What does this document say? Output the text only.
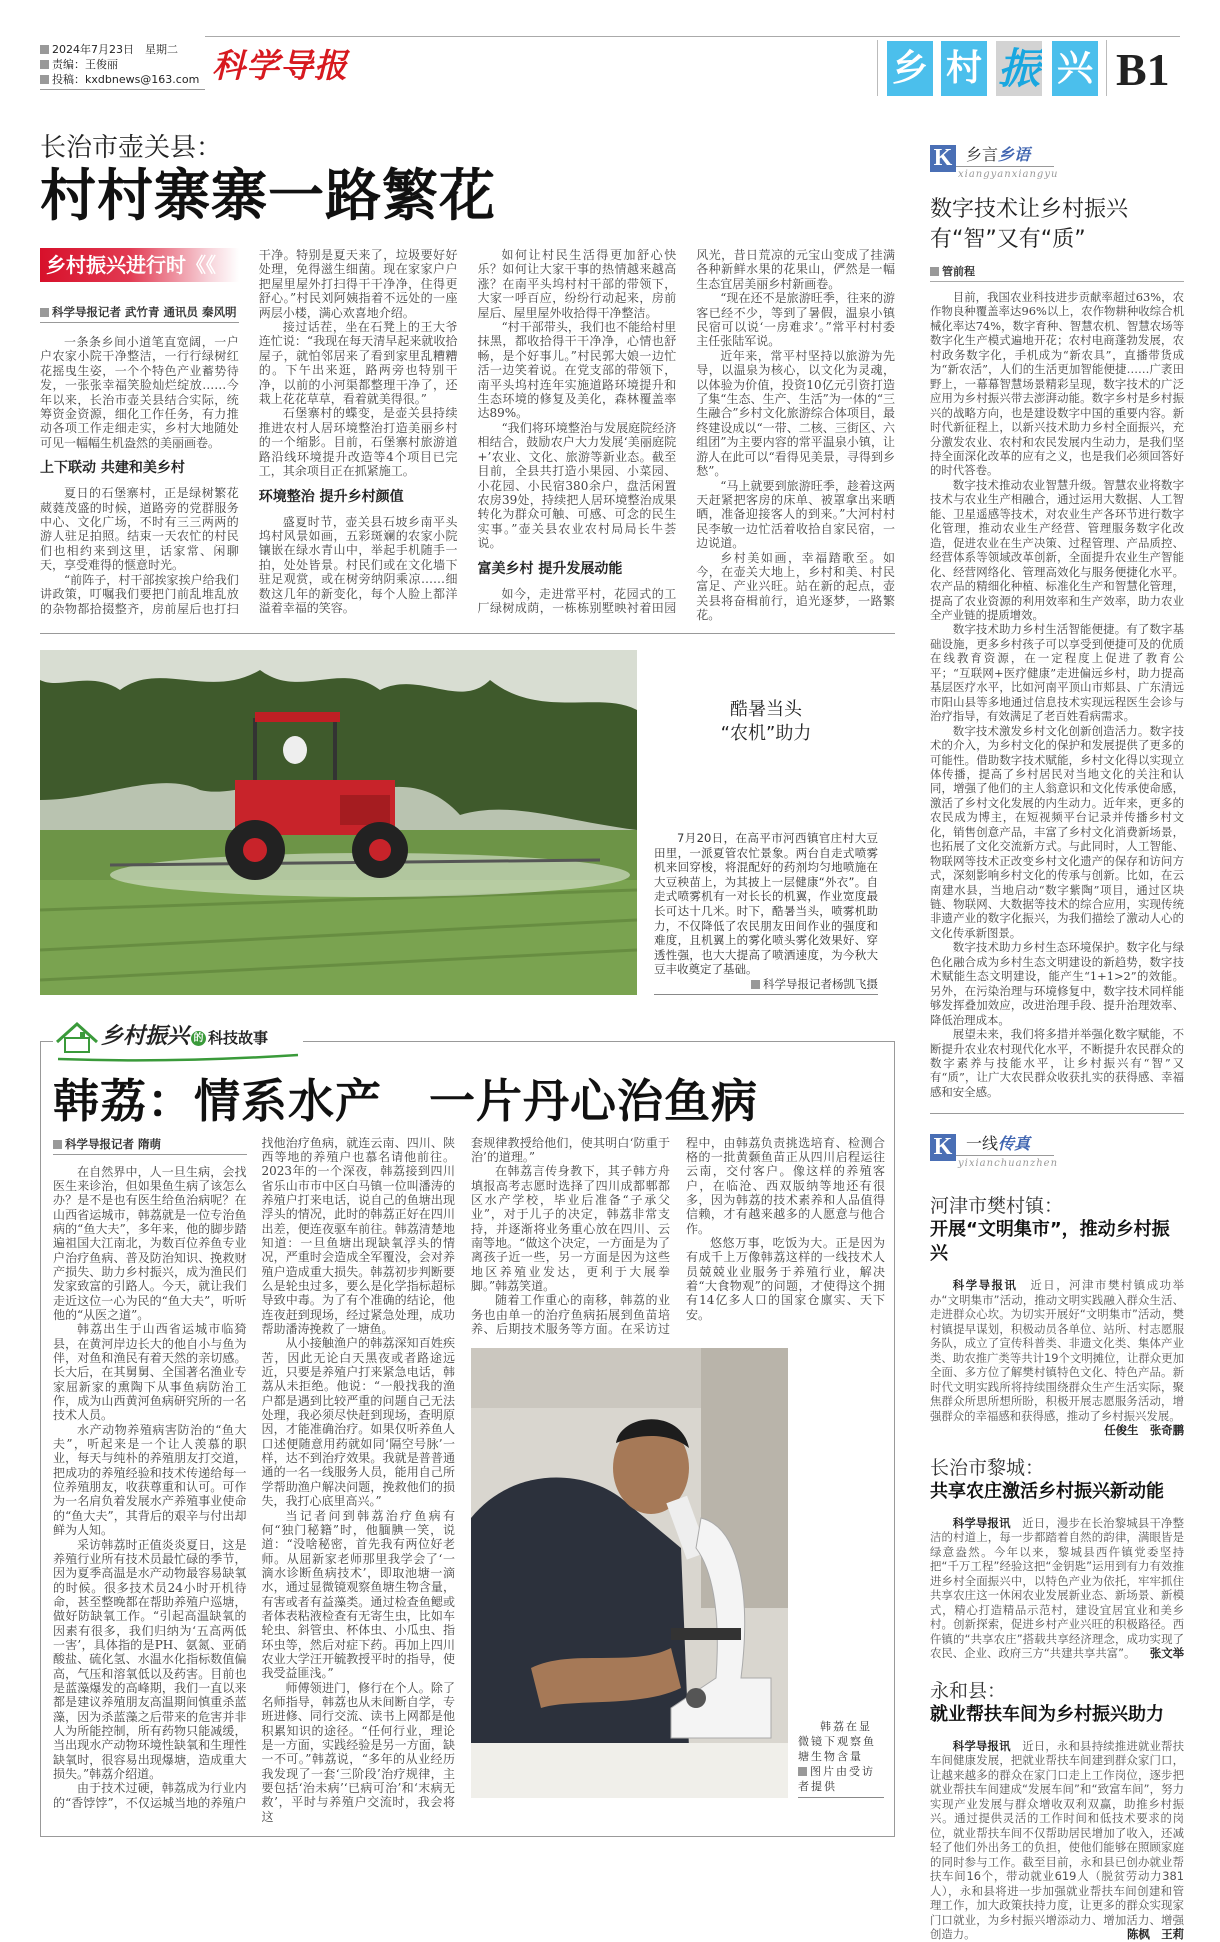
2024年7月23日　星期二
责编：王俊丽
投稿：kxdbnews@163.com 科学导报	乡 村 振 兴 B1
长治市壶关县：
村村寨寨一路繁花
乡村振兴进行时《《
科学导报记者 武竹青 通讯员 秦风明

一条条乡间小道笔直宽阔，一户户农家小院干净整洁，一行行绿树红花摇曳生姿，一个个特色产业蓄势待发，一张张幸福笑脸灿烂绽放……今年以来，长治市壶关县结合实际，统筹资金资源，细化工作任务，有力推动各项工作走细走实，乡村大地随处可见一幅幅生机盎然的美丽画卷。

上下联动 共建和美乡村

夏日的石堡寨村，正是绿树繁花葳蕤茂盛的时候，道路旁的党群服务中心、文化广场，不时有三三两两的游人驻足拍照。结束一天农忙的村民们也相约来到这里，话家常、闲聊天，享受难得的惬意时光。

“前阵子，村干部挨家挨户给我们讲政策，叮嘱我们要把门前乱堆乱放的杂物都拾掇整齐，房前屋后也打扫干净。特别是夏天来了，垃圾要好好处理，免得滋生细菌。现在家家户户把屋里屋外打扫得干干净净，住得更舒心。”村民刘阿姨指着不远处的一座两层小楼，满心欢喜地介绍。

接过话茬，坐在石凳上的王大爷连忙说：“我现在每天清早起来就收拾屋子，就怕邻居来了看到家里乱糟糟的。下午出来逛，路两旁也特别干净，以前的小河渠都整理干净了，还栽上花花草草，看着就美得很。”

石堡寨村的蝶变，是壶关县持续推进农村人居环境整治打造美丽乡村的一个缩影。目前，石堡寨村旅游道路沿线环境提升改造等4个项目已完工，其余项目正在抓紧施工。

环境整治 提升乡村颜值

盛夏时节，壶关县石坡乡南平头坞村风景如画，五彩斑斓的农家小院镶嵌在绿水青山中，举起手机随手一拍，处处皆景。村民们或在文化墙下驻足观赏，或在树旁纳阴乘凉……细数这几年的新变化，每个人脸上都洋溢着幸福的笑容。

如何让村民生活得更加舒心快乐？如何让大家干事的热情越来越高涨？在南平头坞村村干部的带领下，大家一呼百应，纷纷行动起来，房前屋后、屋里屋外收拾得干净整洁。

“村干部带头，我们也不能给村里抹黑，都收拾得干干净净，心情也舒畅，是个好事儿。”村民郭大娘一边忙活一边笑着说。在党支部的带领下，南平头坞村连年实施道路环境提升和生态环境的修复及美化，森林覆盖率达89%。

“我们将环境整治与发展庭院经济相结合，鼓励农户大力发展‘美丽庭院+’农业、文化、旅游等新业态。截至目前，全县共打造小果园、小菜园、小花园、小民宿380余户，盘活闲置农房39处，持续把人居环境整治成果转化为群众可触、可感、可念的民生实事。”壶关县农业农村局局长牛荟说。

富美乡村 提升发展动能

如今，走进常平村，花园式的工厂绿树成荫，一栋栋别墅映衬着田园风光，昔日荒凉的元宝山变成了挂满各种新鲜水果的花果山，俨然是一幅生态宜居美丽乡村新画卷。

“现在还不是旅游旺季，往来的游客已经不少，等到了暑假，温泉小镇民宿可以说‘一房难求’。”常平村村委主任张陆军说。

近年来，常平村坚持以旅游为先导，以温泉为核心，以文化为灵魂，以体验为价值，投资10亿元引资打造了集“生态、生产、生活”为一体的“三生融合”乡村文化旅游综合体项目，最终建设成以“一带、二核、三街区、六组团”为主要内容的常平温泉小镇，让游人在此可以“看得见美景，寻得到乡愁”。

“马上就要到旅游旺季，趁着这两天赶紧把客房的床单、被罩拿出来晒晒，准备迎接客人的到来。”大河村村民李敏一边忙活着收拾自家民宿，一边说道。

乡村美如画，幸福踏歌至。如今，在壶关大地上，乡村和美、村民富足、产业兴旺。站在新的起点，壶关县将奋楫前行，追光逐梦，一路繁花。

酷暑当头
“农机”助力
7月20日，在高平市河西镇官庄村大豆田里，一派夏管农忙景象。两台自走式喷雾机来回穿梭，将混配好的药剂均匀地喷施在大豆秧苗上，为其披上一层健康“外衣”。自走式喷雾机有一对长长的机翼，作业宽度最长可达十几米。时下，酷暑当头，喷雾机助力，不仅降低了农民朋友田间作业的强度和难度，且机翼上的雾化喷头雾化效果好、穿透性强，也大大提高了喷洒速度，为今秋大豆丰收奠定了基础。
科学导报记者杨凯飞摄
乡村振兴 的 科技故事
韩荔：情系水产　一片丹心治鱼病
科学导报记者 隋萌

在自然界中，人一旦生病，会找医生来诊治，但如果鱼生病了该怎么办？是不是也有医生给鱼治病呢？在山西省运城市，韩荔就是一位专治鱼病的“鱼大夫”，多年来，他的脚步踏遍祖国大江南北，为数百位养鱼专业户治疗鱼病、普及防治知识、挽救财产损失、助力乡村振兴，成为渔民们发家致富的引路人。今天，就让我们走近这位一心为民的“鱼大夫”，听听他的“从医之道”。

韩荔出生于山西省运城市临猗县，在黄河岸边长大的他自小与鱼为伴，对鱼和渔民有着天然的亲切感。长大后，在其舅舅、全国著名渔业专家屈新家的熏陶下从事鱼病防治工作，成为山西黄河鱼病研究所的一名技术人员。

水产动物养殖病害防治的“鱼大夫”，听起来是一个让人羡慕的职业，每天与纯朴的养殖朋友打交道，把成功的养殖经验和技术传递给每一位养殖朋友，收获尊重和认可。可作为一名肩负着发展水产养殖事业使命的“鱼大夫”，其背后的艰辛与付出却鲜为人知。

采访韩荔时正值炎炎夏日，这是养殖行业所有技术员最忙碌的季节，因为夏季高温是水产动物最容易缺氧的时候。很多技术员24小时开机待命，甚至整晚都在帮助养殖户巡塘，做好防缺氧工作。“引起高温缺氧的因素有很多，我们归纳为‘五高两低一害’，具体指的是PH、氨氮、亚硝酸盐、硫化氢、水温水化指标数值偏高，气压和溶氧低以及药害。目前也是蓝藻爆发的高峰期，我们一直以来都是建议养殖朋友高温期间慎重杀蓝藻，因为杀蓝藻之后带来的危害并非人为所能控制，所有药物只能减缓，当出现水产动物环境性缺氧和生理性缺氧时，很容易出现爆塘，造成重大损失。”韩荔介绍道。

由于技术过硬，韩荔成为行业内的“香饽饽”，不仅运城当地的养殖户找他治疗鱼病，就连云南、四川、陕西等地的养殖户也慕名请他前往。2023年的一个深夜，韩荔接到四川省乐山市市中区白马镇一位叫潘涛的养殖户打来电话，说自己的鱼塘出现浮头的情况，此时的韩荔正好在四川出差，便连夜驱车前往。韩荔清楚地知道：一旦鱼塘出现缺氧浮头的情况，严重时会造成全军覆没，会对养殖户造成重大损失。韩荔初步判断要么是轮虫过多，要么是化学指标超标导致中毒。为了有个准确的结论，他连夜赶到现场，经过紧急处理，成功帮助潘涛挽救了一塘鱼。

从小接触渔户的韩荔深知百姓疾苦，因此无论白天黑夜或者路途远近，只要是养殖户打来紧急电话，韩荔从未拒绝。他说：“一般找我的渔户都是遇到比较严重的问题自己无法处理，我必须尽快赶到现场，查明原因，才能准确治疗。如果仅听养鱼人口述便随意用药就如同‘隔空号脉’一样，达不到治疗效果。我就是普普通通的一名一线服务人员，能用自己所学帮助渔户解决问题，挽救他们的损失，我打心底里高兴。”

当记者问到韩荔治疗鱼病有何“独门秘籍”时，他腼腆一笑，说道：“没啥秘密，首先我有两位好老师。从屈新家老师那里我学会了‘一滴水诊断鱼病技术’，即取池塘一滴水，通过显微镜观察鱼塘生物含量，有害或者有益藻类。通过检查鱼鳃或者体表粘液检查有无寄生虫，比如车轮虫、斜管虫、杯体虫、小瓜虫、指环虫等，然后对症下药。再加上四川农业大学汪开毓教授平时的指导，使我受益匪浅。”

师傅领进门，修行在个人。除了名师指导，韩荔也从未间断自学，专班进修、同行交流、读书上网都是他积累知识的途径。“任何行业，理论是一方面，实践经验是另一方面，缺一不可。”韩荔说，“多年的从业经历我发现了一套‘三阶段’治疗规律，主要包括‘治未病’‘已病可治’和‘末病无救’，平时与养殖户交流时，我会将这

套规律教授给他们，使其明白‘防重于治’的道理。”

在韩荔言传身教下，其子韩方舟填报高考志愿时选择了四川成都郫都区水产学校，毕业后准备“子承父业”，对于儿子的决定，韩荔非常支持，并逐渐将业务重心放在四川、云南等地。“做这个决定，一方面是为了离孩子近一些，另一方面是因为这些地区养殖业发达，更利于大展拳脚。”韩荔笑道。

随着工作重心的南移，韩荔的业务也由单一的治疗鱼病拓展到鱼苗培养、后期技术服务等方面。在采访过程中，由韩荔负责挑选培育、检测合格的一批黄颡鱼苗正从四川启程运往云南，交付客户。像这样的养殖客户，在临沧、西双版纳等地还有很多，因为韩荔的技术素养和人品值得信赖，才有越来越多的人愿意与他合作。

悠悠万事，吃饭为大。正是因为有成千上万像韩荔这样的一线技术人员兢兢业业服务于养殖行业，解决着“大食物观”的问题，才使得这个拥有14亿多人口的国家仓廪实、天下安。

韩荔在显微镜下观察鱼塘生物含量
图片由受访者提供
K 乡言乡语
xiangyanxiangyu
数字技术让乡村振兴
有“智”又有“质”
管前程

目前，我国农业科技进步贡献率超过63%，农作物良种覆盖率达96%以上，农作物耕种收综合机械化率达74%，数字育种、智慧农机、智慧农场等数字化生产模式遍地开花；农村电商蓬勃发展，农村政务数字化，手机成为“新农具”，直播带货成为“新农活”，人们的生活更加智能便捷……广袤田野上，一幕幕智慧场景精彩呈现，数字技术的广泛应用为乡村振兴带去澎湃动能。数字乡村是乡村振兴的战略方向，也是建设数字中国的重要内容。新时代新征程上，以新兴技术助力乡村全面振兴，充分激发农业、农村和农民发展内生动力，是我们坚持全面深化改革的应有之义，也是我们必须回答好的时代答卷。

数字技术推动农业智慧升级。智慧农业将数字技术与农业生产相融合，通过运用大数据、人工智能、卫星遥感等技术，对农业生产各环节进行数字化管理，推动农业生产经营、管理服务数字化改造，促进农业在生产决策、过程管理、产品质控、经营体系等领域改革创新，全面提升农业生产智能化、经营网络化、管理高效化与服务便捷化水平。农产品的精细化种植、标准化生产和智慧化管理，提高了农业资源的利用效率和生产效率，助力农业全产业链的提质增效。

数字技术助力乡村生活智能便捷。有了数字基础设施，更多乡村孩子可以享受到便捷可及的优质在线教育资源，在一定程度上促进了教育公平；“互联网+医疗健康”走进偏远乡村，助力提高基层医疗水平，比如河南平顶山市郏县、广东清远市阳山县等多地通过信息技术实现远程医生会诊与治疗指导，有效满足了老百姓看病需求。

数字技术激发乡村文化创新创造活力。数字技术的介入，为乡村文化的保护和发展提供了更多的可能性。借助数字技术赋能，乡村文化得以实现立体传播，提高了乡村居民对当地文化的关注和认同，增强了他们的主人翁意识和文化传承使命感，激活了乡村文化发展的内生动力。近年来，更多的农民成为博主，在短视频平台记录并传播乡村文化，销售创意产品，丰富了乡村文化消费新场景，也拓展了文化交流新方式。与此同时，人工智能、物联网等技术正改变乡村文化遗产的保存和访问方式，深刻影响乡村文化的传承与创新。比如，在云南建水县，当地启动“数字紫陶”项目，通过区块链、物联网、大数据等技术的综合应用，实现传统非遗产业的数字化振兴，为我们描绘了激动人心的文化传承新图景。

数字技术助力乡村生态环境保护。数字化与绿色化融合成为乡村生态文明建设的新趋势，数字技术赋能生态文明建设，能产生“1+1>2”的效能。另外，在污染治理与环境修复中，数字技术同样能够发挥叠加效应，改进治理手段、提升治理效率、降低治理成本。

展望未来，我们将多措并举强化数字赋能，不断提升农业农村现代化水平，不断提升农民群众的数字素养与技能水平，让乡村振兴有“智”又有“质”，让广大农民群众收获扎实的获得感、幸福感和安全感。

K 一线传真
yixianchuanzhen
河津市樊村镇：
开展“文明集市”，推动乡村振兴
科学导报讯　 近日，河津市樊村镇成功举办“文明集市”活动，推动文明实践融入群众生活、走进群众心坎。为切实开展好“文明集市”活动，樊村镇提早谋划，积极动员各单位、站所、村志愿服务队，成立了宣传科普类、非遗文化类、集体产业类、助农推广类等共计19个文明摊位，让群众更加全面、多方位了解樊村镇特色文化、特色产品。新时代文明实践所将持续围绕群众生产生活实际，聚焦群众所思所想所盼，积极开展志愿服务活动，增强群众的幸福感和获得感，推动了乡村振兴发展。
任俊生　张奇鹏
长治市黎城：
共享农庄激活乡村振兴新动能
科学导报讯　 近日，漫步在长治黎城县干净整洁的村道上，每一步都踏着自然的韵律，满眼皆是绿意盎然。今年以来，黎城县西仵镇党委坚持把“千万工程”经验这把“金钥匙”运用到有力有效推进乡村全面振兴中，以特色产业为依托，牢牢抓住共享农庄这一休闲农业发展新业态、新场景、新模式，精心打造精品示范村，建设宜居宜业和美乡村。创新探索，促进乡村产业兴旺的积极路径。西仵镇的“共享农庄”搭载共享经济理念，成功实现了农民、企业、政府三方“共建共享共富”。 张文举
永和县：
就业帮扶车间为乡村振兴助力
科学导报讯　 近日，永和县持续推进就业帮扶车间健康发展，把就业帮扶车间建到群众家门口，让越来越多的群众在家门口走上工作岗位，逐步把就业帮扶车间建成“发展车间”和“致富车间”，努力实现产业发展与群众增收双利双赢，助推乡村振兴。通过提供灵活的工作时间和低技术要求的岗位，就业帮扶车间不仅帮助居民增加了收入，还减轻了他们外出务工的负担，使他们能够在照顾家庭的同时参与工作。截至目前，永和县已创办就业帮扶车间16个，带动就业619人（脱贫劳动力381人），永和县将进一步加强就业帮扶车间创建和管理工作，加大政策扶持力度，让更多的群众实现家门口就业，为乡村振兴增添动力、增加活力、增强创造力。	陈枫　王莉
